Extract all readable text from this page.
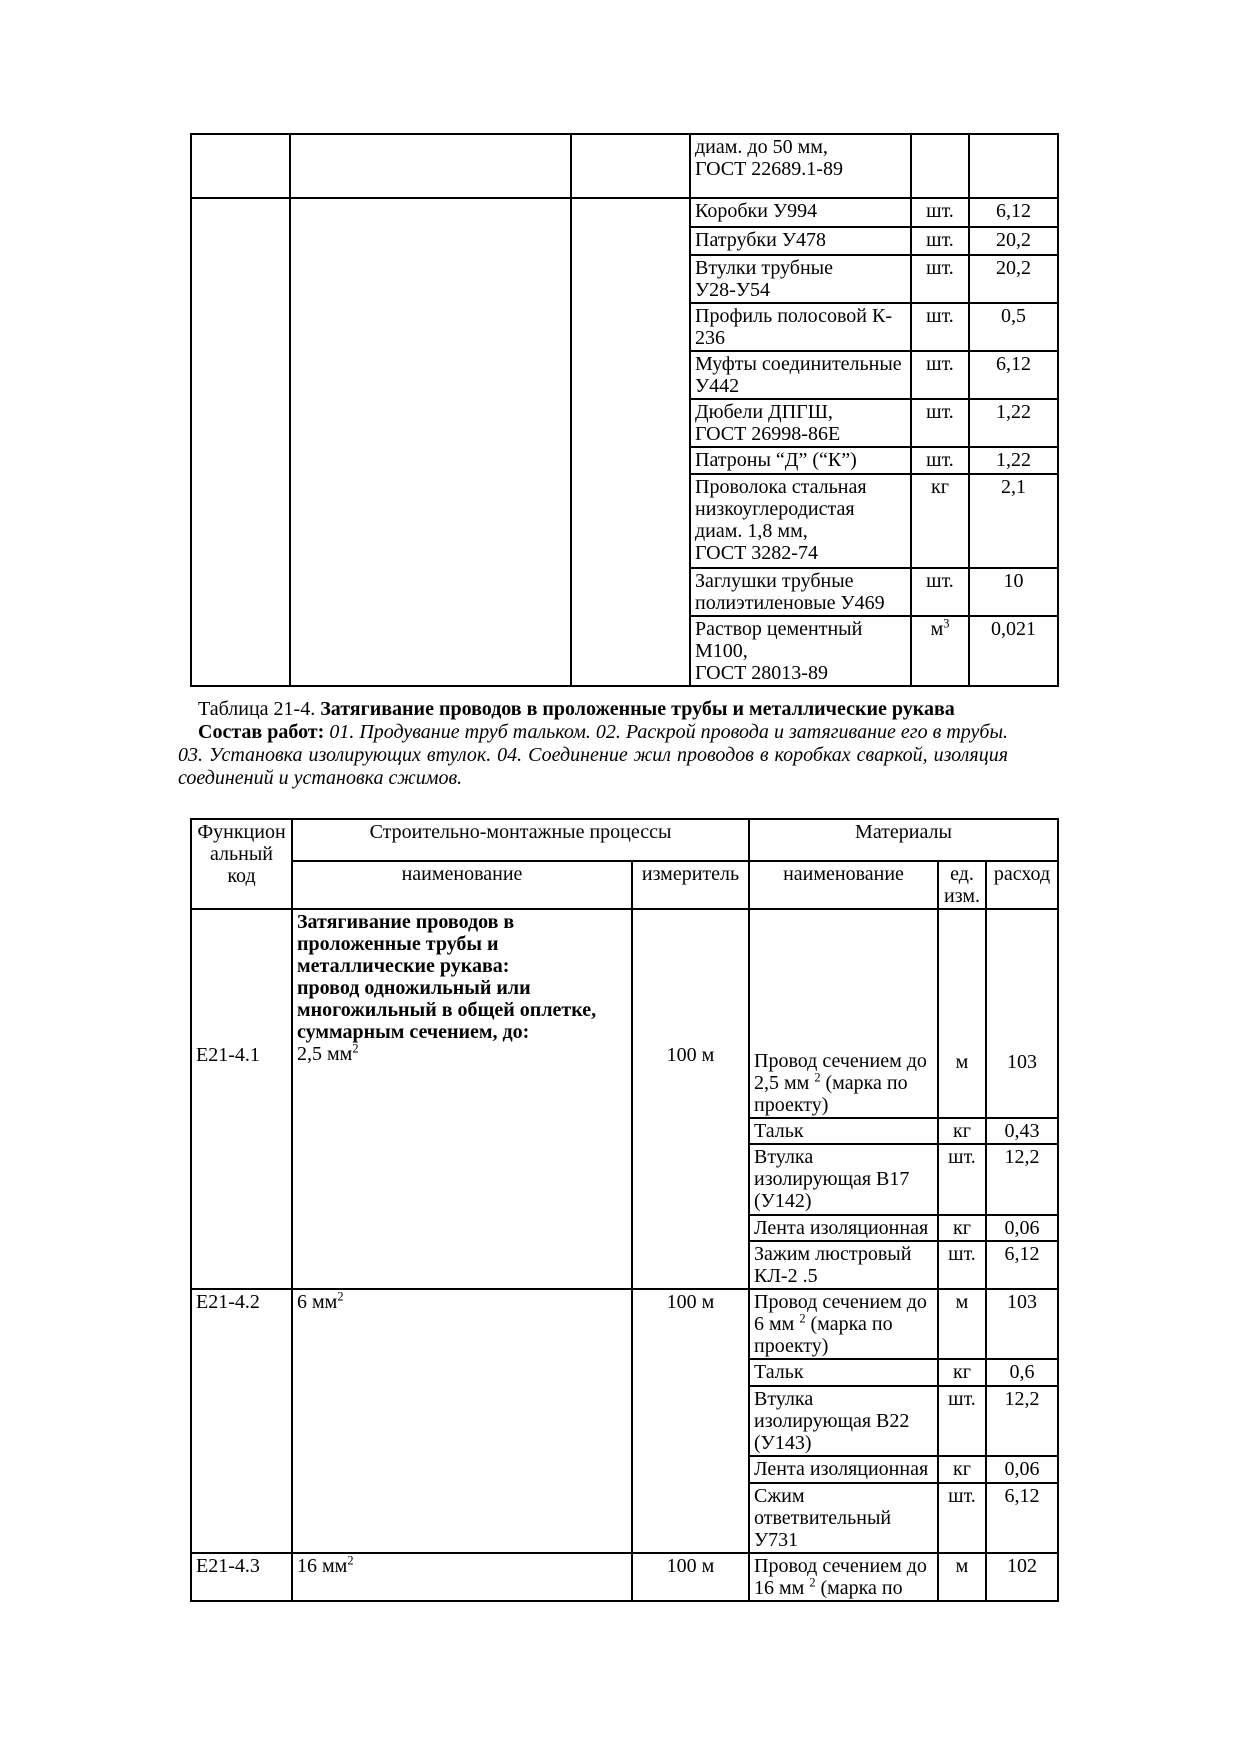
			диам. до 50 мм,
ГОСТ 22689.1-89		
			Коробки У994	шт.	6,12
			Патрубки У478	шт.	20,2
			Втулки трубные
У28-У54	шт.	20,2
			Профиль полосовой К-
236	шт.	0,5
			Муфты соединительные
У442	шт.	6,12
			Дюбели ДПГШ,
ГОСТ 26998-86Е	шт.	1,22
			Патроны “Д” (“К”)	шт.	1,22
			Проволока стальная
низкоуглеродистая
диам. 1,8 мм,
ГОСТ 3282-74	кг	2,1
			Заглушки трубные
полиэтиленовые У469	шт.	10
			Раствор цементный
М100,
ГОСТ 28013-89	$м^3$	0,021

Таблица 21-4. Затягивание проводов в проложенные трубы и металлические рукава

Состав работ: 01. Продувание труб тальком. 02. Раскрой провода и затягивание его в трубы. 03. Установка изолирующих втулок. 04. Соединение жил проводов в коробках сваркой, изоляция соединений и установка сжимов.

Функцион
альный
код	Строительно-монтажные процессы		Материалы		
	наименование	измеритель	наименование	ед.
изм.	расход
Е21-4.1	
Затягивание проводов в
проложенные трубы и
металлические рукава:
провод одножильный или
многожильный в общей оплетке,
суммарным сечением, до:
2,5 $мм^2$	100 м	Провод сечением до
2,5 мм $^2$ (марка по
проекту)	м	103
			Тальк	кг	0,43
			Втулка
изолирующая В17
(У142)	шт.	12,2
			Лента изоляционная	кг	0,06
			Зажим люстровый
КЛ-2 .5	шт.	6,12
Е21-4.2	6 $мм^2$	100 м	Провод сечением до
6 мм $^2$ (марка по
проекту)	м	103
			Тальк	кг	0,6
			Втулка
изолирующая В22
(У143)	шт.	12,2
			Лента изоляционная	кг	0,06
			Сжим
ответвительный
У731	шт.	6,12
Е21-4.3	16 $мм^2$	100 м	Провод сечением до
16 мм $^2$ (марка по	м	102
